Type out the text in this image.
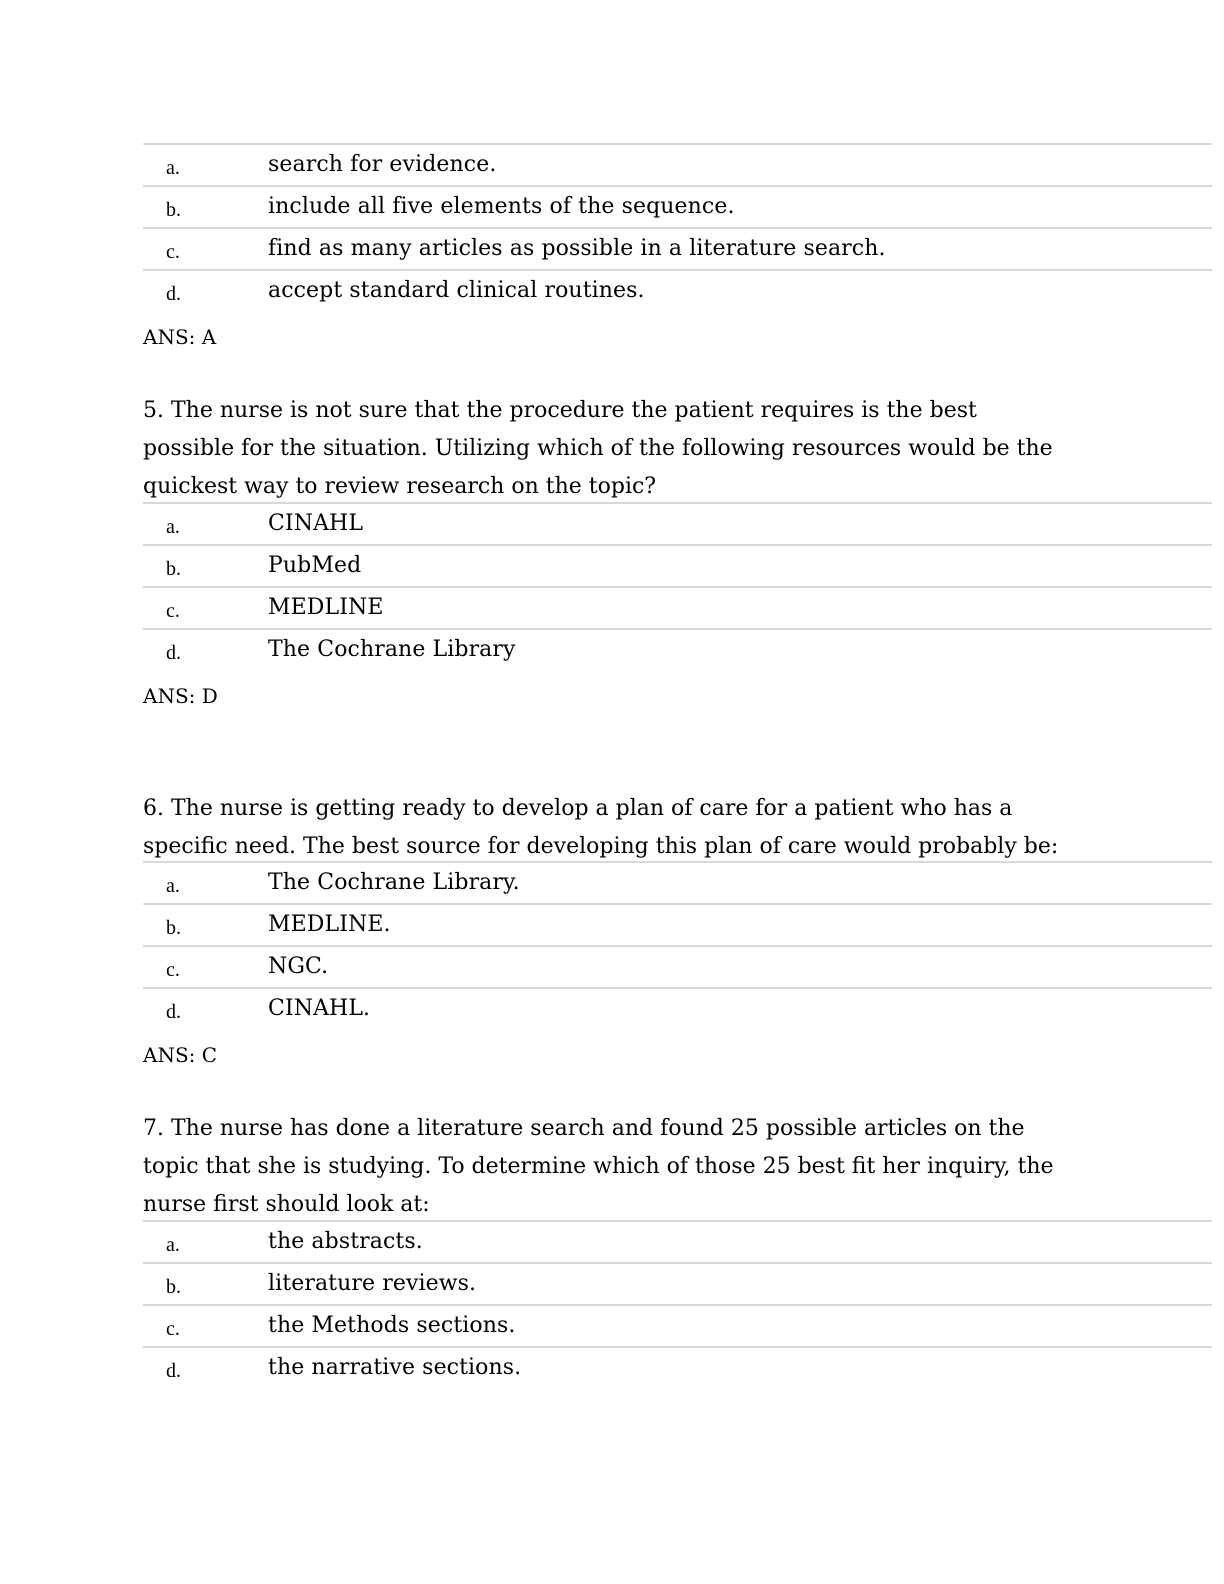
a.	search for evidence.
b.	include all five elements of the sequence.
c.	find as many articles as possible in a literature search.
d.	accept standard clinical routines.
ANS: A
5. The nurse is not sure that the procedure the patient requires is the best
possible for the situation. Utilizing which of the following resources would be the
quickest way to review research on the topic?
a.	CINAHL
b.	PubMed
c.	MEDLINE
d.	The Cochrane Library
ANS: D
6. The nurse is getting ready to develop a plan of care for a patient who has a
specific need. The best source for developing this plan of care would probably be:
a.	The Cochrane Library.
b.	MEDLINE.
c.	NGC.
d.	CINAHL.
ANS: C
7. The nurse has done a literature search and found 25 possible articles on the
topic that she is studying. To determine which of those 25 best fit her inquiry, the
nurse first should look at:
a.	the abstracts.
b.	literature reviews.
c.	the Methods sections.
d.	the narrative sections.
